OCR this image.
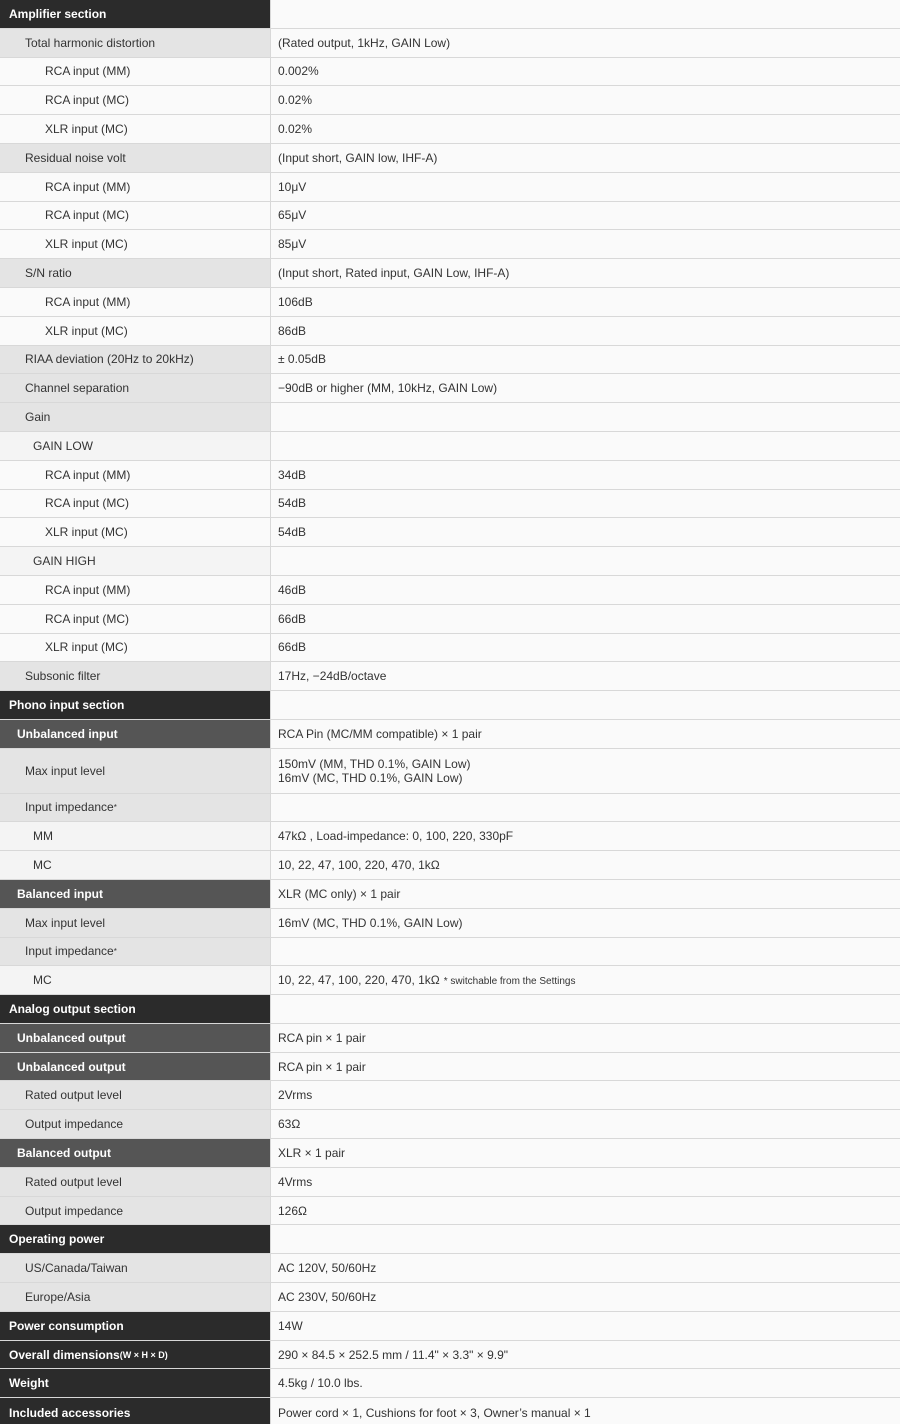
Amplifier section
Total harmonic distortion	(Rated output, 1kHz, GAIN Low)
RCA input (MM)	0.002%
RCA input (MC)	0.02%
XLR input (MC)	0.02%
Residual noise volt	(Input short, GAIN low, IHF-A)
RCA input (MM)	10μV
RCA input (MC)	65μV
XLR input (MC)	85μV
S/N ratio	(Input short, Rated input, GAIN Low, IHF-A)
RCA input (MM)	106dB
XLR input (MC)	86dB
RIAA deviation (20Hz to 20kHz)	± 0.05dB
Channel separation	−90dB or higher (MM, 10kHz, GAIN Low)
Gain
GAIN LOW
RCA input (MM)	34dB
RCA input (MC)	54dB
XLR input (MC)	54dB
GAIN HIGH
RCA input (MM)	46dB
RCA input (MC)	66dB
XLR input (MC)	66dB
Subsonic filter	17Hz, −24dB/octave
Phono input section
Unbalanced input	RCA Pin (MC/MM compatible) × 1 pair
Max input level	150mV (MM, THD 0.1%, GAIN Low)
16mV (MC, THD 0.1%, GAIN Low)
Input impedance *
MM	47kΩ , Load-impedance: 0, 100, 220, 330pF
MC	10, 22, 47, 100, 220, 470, 1kΩ
Balanced input	XLR (MC only) × 1 pair
Max input level	16mV (MC, THD 0.1%, GAIN Low)
Input impedance *
MC	10, 22, 47, 100, 220, 470, 1kΩ * switchable from the Settings
Analog output section
Unbalanced output	RCA pin × 1 pair
Unbalanced output	RCA pin × 1 pair
Rated output level	2Vrms
Output impedance	63Ω
Balanced output	XLR × 1 pair
Rated output level	4Vrms
Output impedance	126Ω
Operating power
US/Canada/Taiwan	AC 120V, 50/60Hz
Europe/Asia	AC 230V, 50/60Hz
Power consumption	14W
Overall dimensions (W × H × D)	290 × 84.5 × 252.5 mm / 11.4" × 3.3" × 9.9"
Weight	4.5kg / 10.0 lbs.
Included accessories	Power cord × 1, Cushions for foot × 3, Owner’s manual × 1
